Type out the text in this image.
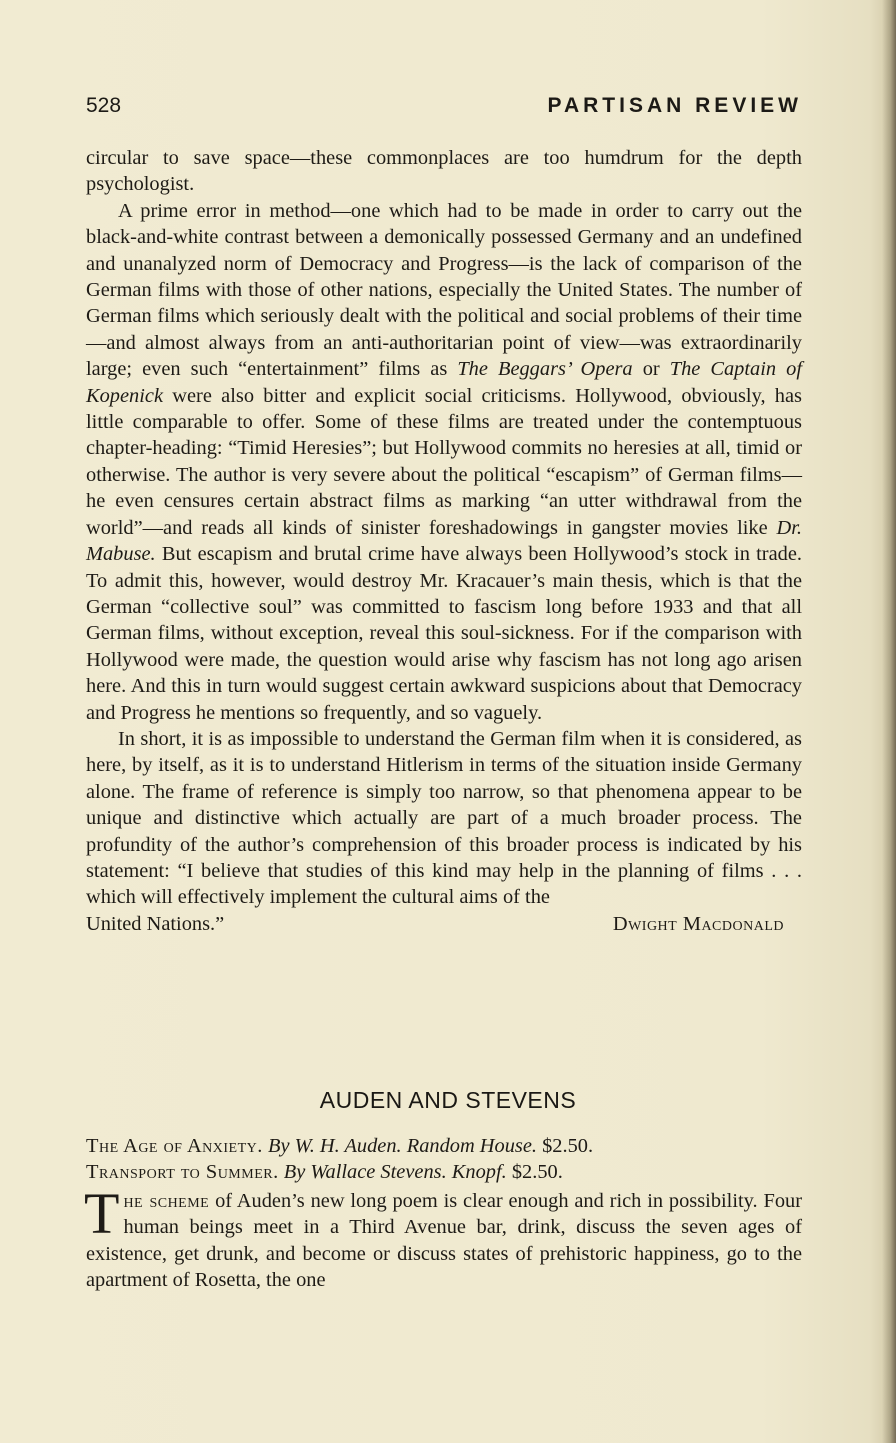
528	PARTISAN REVIEW

circular to save space—these commonplaces are too humdrum for the depth psychologist.

A prime error in method—one which had to be made in order to carry out the black-and-white contrast between a demonically possessed Germany and an undefined and unanalyzed norm of Democracy and Progress—is the lack of comparison of the German films with those of other nations, especially the United States. The number of German films which seriously dealt with the political and social problems of their time —and almost always from an anti-authoritarian point of view—was extraordinarily large; even such “entertainment” films as The Beggars’ Opera or The Captain of Kopenick were also bitter and explicit social criticisms. Hollywood, obviously, has little comparable to offer. Some of these films are treated under the contemptuous chapter-heading: “Timid Heresies”; but Hollywood commits no heresies at all, timid or otherwise. The author is very severe about the political “escapism” of German films—he even censures certain abstract films as marking “an utter withdrawal from the world”—and reads all kinds of sinister foreshadowings in gangster movies like Dr. Mabuse. But escapism and brutal crime have always been Hollywood’s stock in trade. To admit this, however, would destroy Mr. Kracauer’s main thesis, which is that the German “collective soul” was committed to fascism long before 1933 and that all German films, without exception, reveal this soul-sickness. For if the comparison with Hollywood were made, the question would arise why fascism has not long ago arisen here. And this in turn would suggest certain awkward suspicions about that Democracy and Progress he mentions so frequently, and so vaguely.

In short, it is as impossible to understand the German film when it is considered, as here, by itself, as it is to understand Hitlerism in terms of the situation inside Germany alone. The frame of reference is simply too narrow, so that phenomena appear to be unique and distinctive which actually are part of a much broader process. The profundity of the author’s comprehension of this broader process is indicated by his statement: “I believe that studies of this kind may help in the planning of films . . . which will effectively implement the cultural aims of the

United Nations.”	Dwight Macdonald
AUDEN AND STEVENS

The Age of Anxiety. By W. H. Auden. Random House. $2.50.

Transport to Summer. By Wallace Stevens. Knopf. $2.50.

The scheme of Auden’s new long poem is clear enough and rich in possibility. Four human beings meet in a Third Avenue bar, drink, discuss the seven ages of existence, get drunk, and become or discuss states of prehistoric happiness, go to the apartment of Rosetta, the one
